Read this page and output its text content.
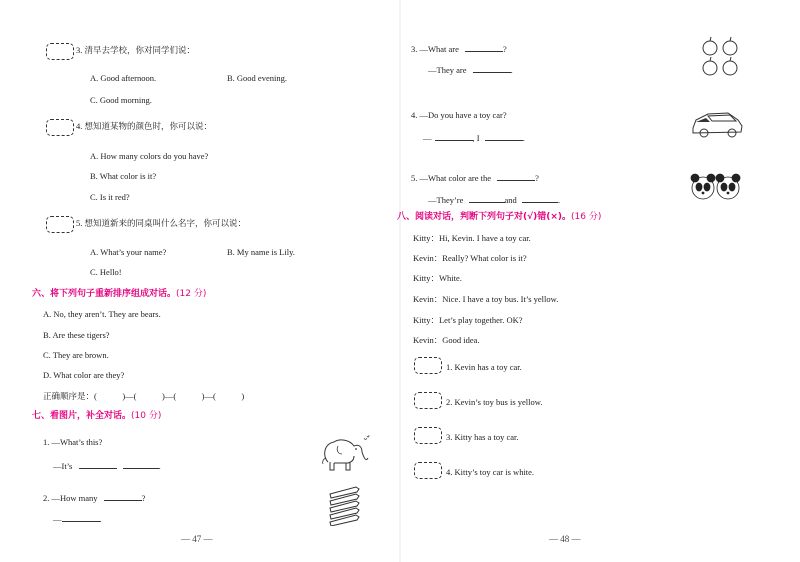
3. 清早去学校，你对同学们说：
A. Good afternoon.	B. Good evening.
C. Good morning.
4. 想知道某物的颜色时，你可以说：
A. How many colors do you have?
B. What color is it?
C. Is it red?
5. 想知道新来的同桌叫什么名字，你可以说：
A. What’s your name?	B. My name is Lily.
C. Hello!
六、将下列句子重新排序组成对话。(12 分)
A. No, they aren’t. They are bears.
B. Are these tigers?
C. They are brown.
D. What color are they?
正确顺序是：(　　　)—(　　　)—(　　　)—(　　　)
七、看图片，补全对话。(10 分)
1. —What’s this?
—It’s	.
2. —How many	?
—	.
— 47 —
3. —What are	?
—They are	.
4. —Do you have a toy car?
—	, I	.
5. —What color are the	?
—They’re	and	.
八、阅读对话，判断下列句子对(√)错(×)。(16 分)
Kitty：Hi, Kevin. I have a toy car.
Kevin：Really? What color is it?
Kitty：White.
Kevin：Nice. I have a toy bus. It’s yellow.
Kitty：Let’s play together. OK?
Kevin：Good idea.
1. Kevin has a toy car.
2. Kevin’s toy bus is yellow.
3. Kitty has a toy car.
4. Kitty’s toy car is white.
— 48 —
